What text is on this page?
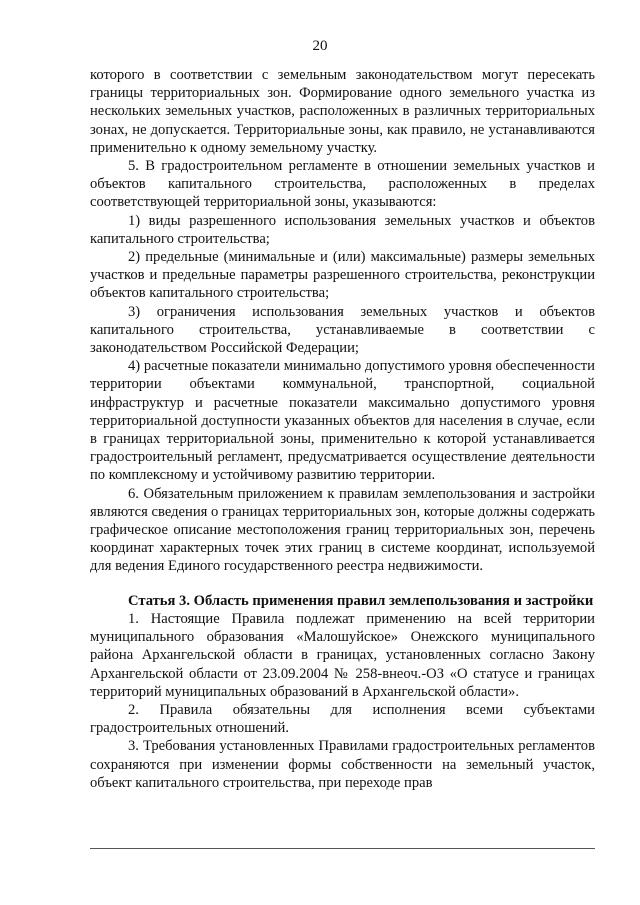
20

которого в соответствии с земельным законодательством могут пересекать границы территориальных зон. Формирование одного земельного участка из нескольких земельных участков, расположенных в различных территориальных зонах, не допускается. Территориальные зоны, как правило, не устанавливаются применительно к одному земельному участку.

5. В градостроительном регламенте в отношении земельных участков и объектов капитального строительства, расположенных в пределах соответствующей территориальной зоны, указываются:

1) виды разрешенного использования земельных участков и объектов капитального строительства;

2) предельные (минимальные и (или) максимальные) размеры земельных участков и предельные параметры разрешенного строительства, реконструкции объектов капитального строительства;

3) ограничения использования земельных участков и объектов капитального строительства, устанавливаемые в соответствии с законодательством Российской Федерации;

4) расчетные показатели минимально допустимого уровня обеспеченности территории объектами коммунальной, транспортной, социальной инфраструктур и расчетные показатели максимально допустимого уровня территориальной доступности указанных объектов для населения в случае, если в границах территориальной зоны, применительно к которой устанавливается градостроительный регламент, предусматривается осуществление деятельности по комплексному и устойчивому развитию территории.

6. Обязательным приложением к правилам землепользования и застройки являются сведения о границах территориальных зон, которые должны содержать графическое описание местоположения границ территориальных зон, перечень координат характерных точек этих границ в системе координат, используемой для ведения Единого государственного реестра недвижимости.

Статья 3. Область применения правил землепользования и застройки

1. Настоящие Правила подлежат применению на всей территории муниципального образования «Малошуйское» Онежского муниципального района Архангельской области в границах, установленных согласно Закону Архангельской области от 23.09.2004 № 258-внеоч.-ОЗ «О статусе и границах территорий муниципальных образований в Архангельской области».

2. Правила обязательны для исполнения всеми субъектами градостроительных отношений.

3. Требования установленных Правилами градостроительных регламентов сохраняются при изменении формы собственности на земельный участок, объект капитального строительства, при переходе прав
